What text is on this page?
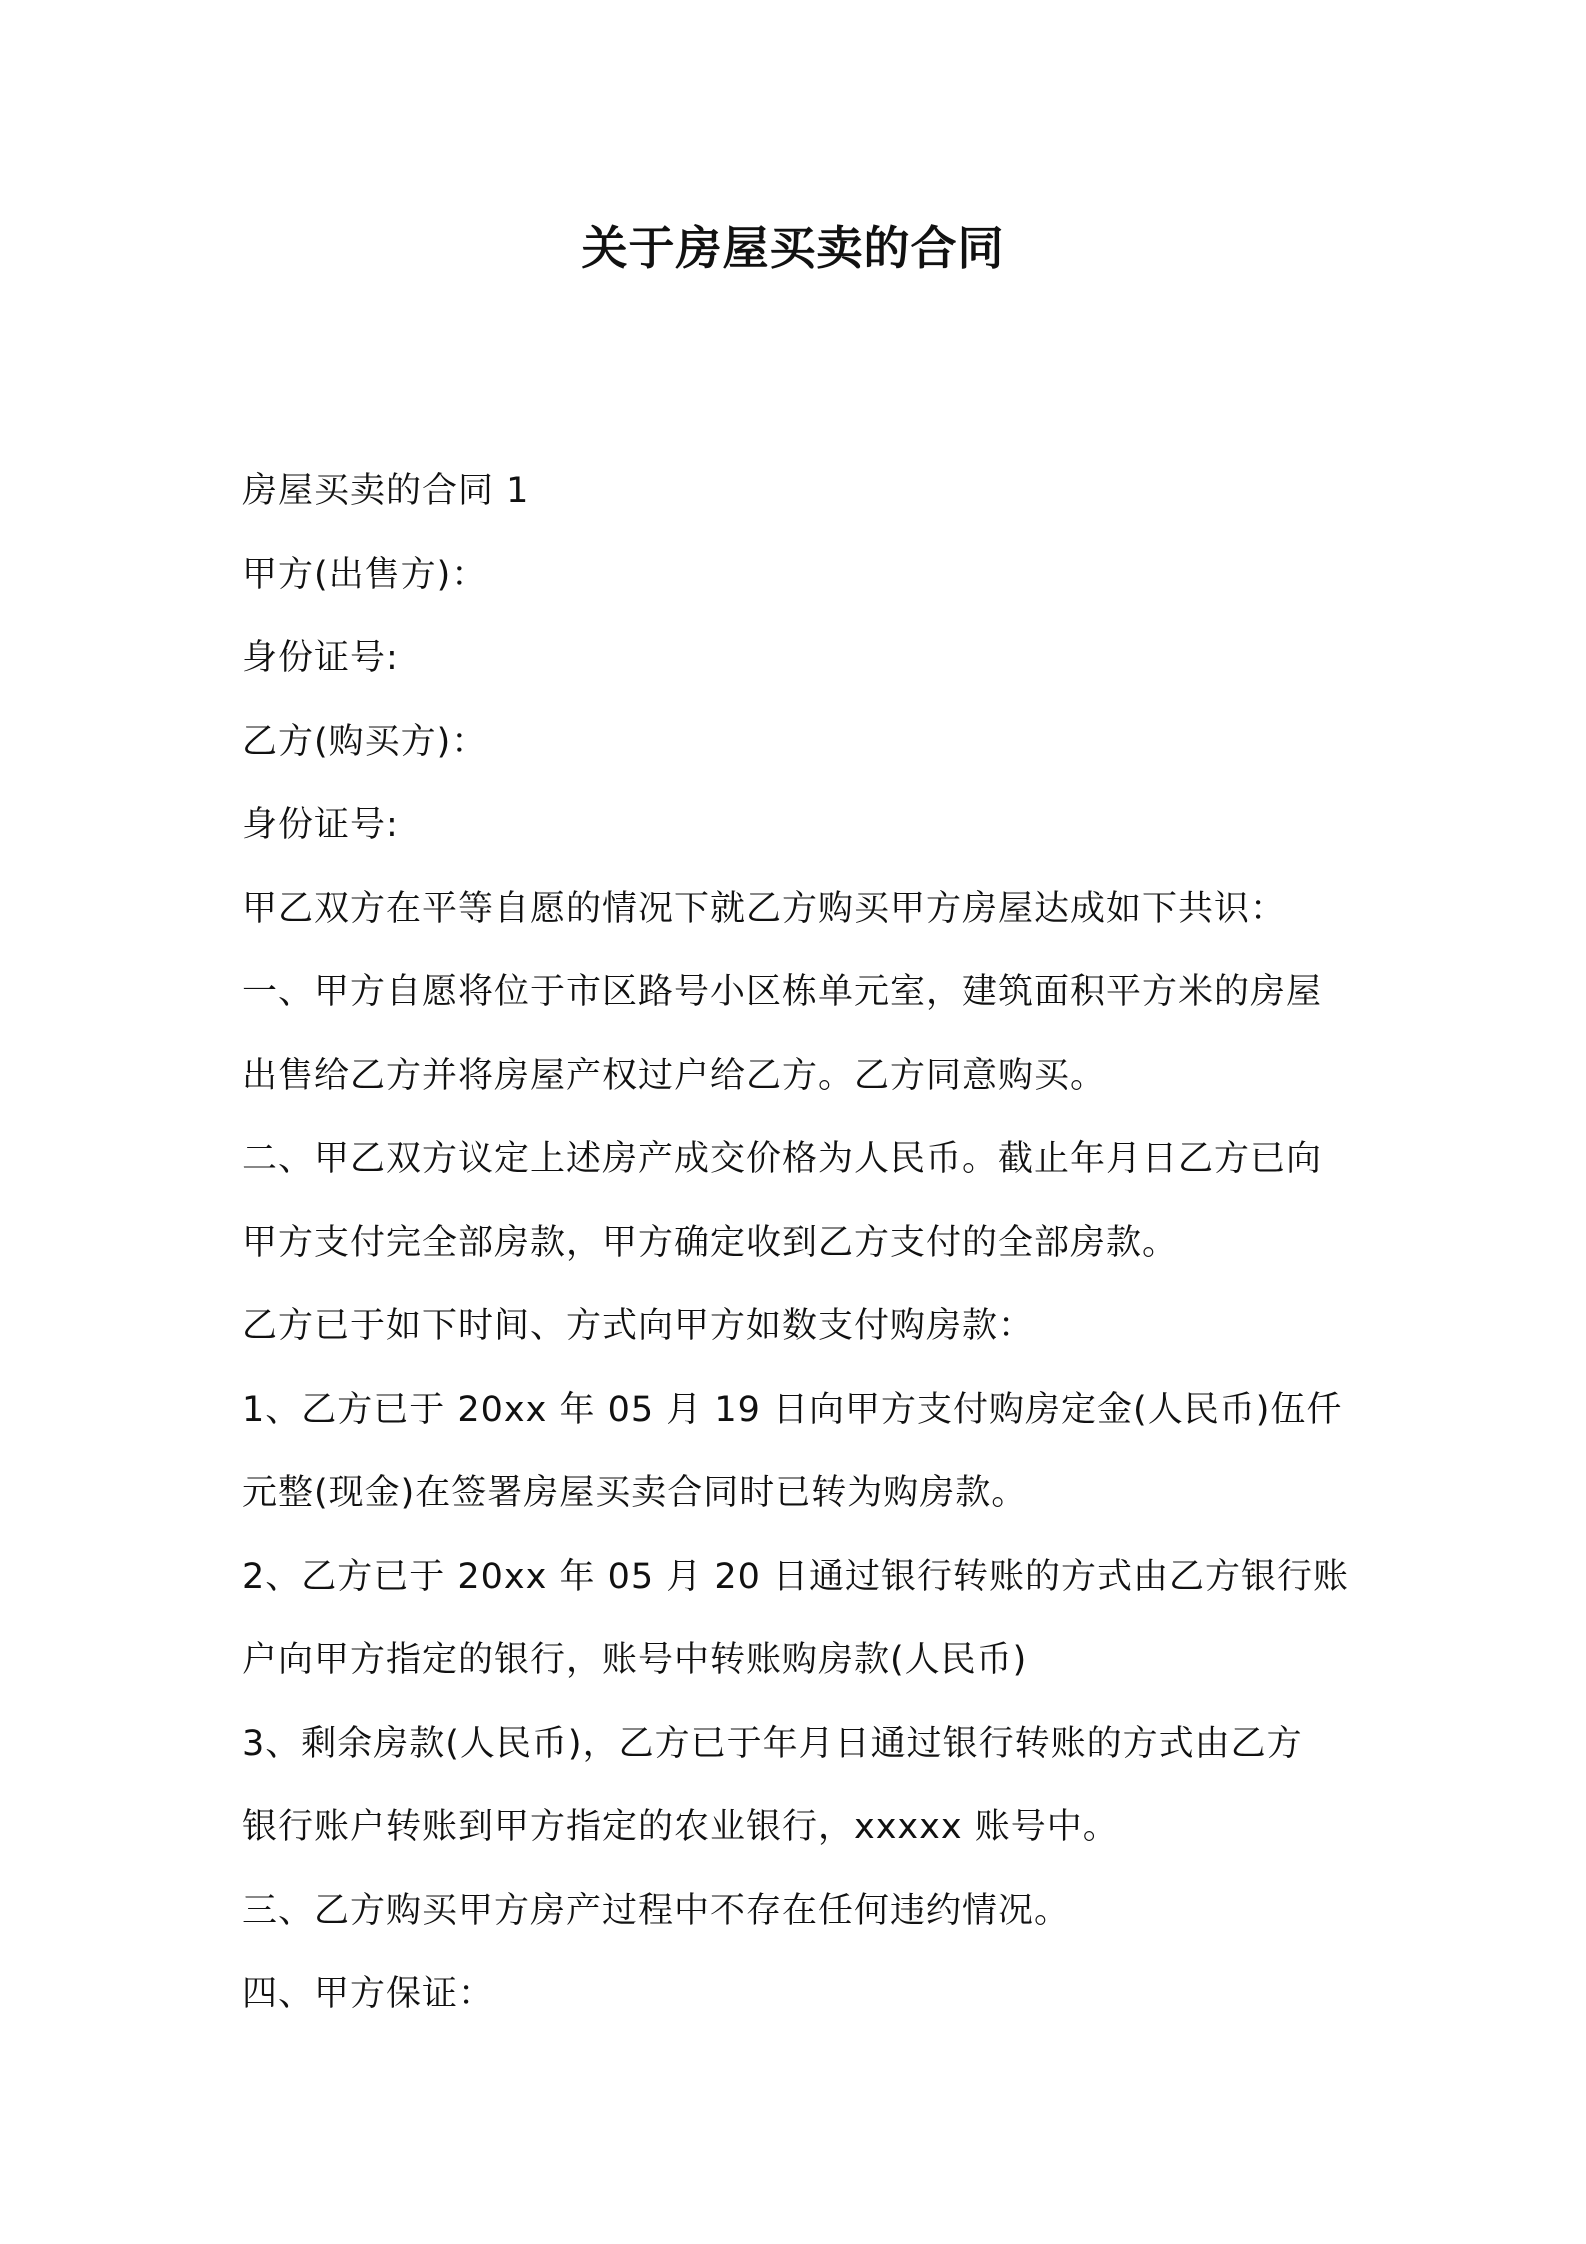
关于房屋买卖的合同
房屋买卖的合同 1
甲方(出售方)：
身份证号:
乙方(购买方)：
身份证号:
甲乙双方在平等自愿的情况下就乙方购买甲方房屋达成如下共识：
一、甲方自愿将位于市区路号小区栋单元室，建筑面积平方米的房屋
出售给乙方并将房屋产权过户给乙方。乙方同意购买。
二、甲乙双方议定上述房产成交价格为人民币。截止年月日乙方已向
甲方支付完全部房款，甲方确定收到乙方支付的全部房款。
乙方已于如下时间、方式向甲方如数支付购房款：
1、乙方已于 20xx 年 05 月 19 日向甲方支付购房定金(人民币)伍仟
元整(现金)在签署房屋买卖合同时已转为购房款。
2、乙方已于 20xx 年 05 月 20 日通过银行转账的方式由乙方银行账
户向甲方指定的银行，账号中转账购房款(人民币)
3、剩余房款(人民币)，乙方已于年月日通过银行转账的方式由乙方
银行账户转账到甲方指定的农业银行，xxxxx 账号中。
三、乙方购买甲方房产过程中不存在任何违约情况。
四、甲方保证：
